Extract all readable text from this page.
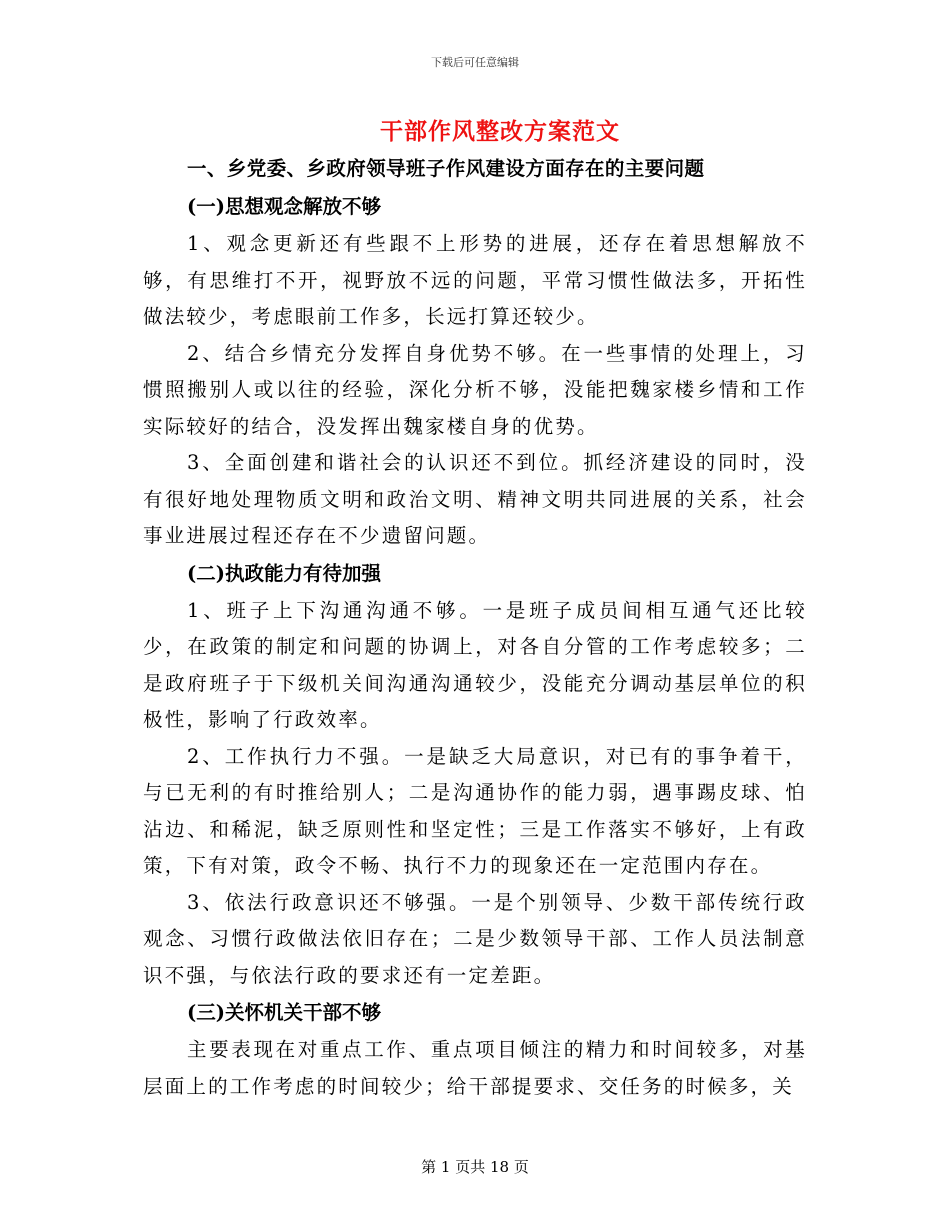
下载后可任意编辑
干部作风整改方案范文
一、乡党委、乡政府领导班子作风建设方面存在的主要问题
(一)思想观念解放不够

1、观念更新还有些跟不上形势的进展，还存在着思想解放不够，有思维打不开，视野放不远的问题，平常习惯性做法多，开拓性做法较少，考虑眼前工作多，长远打算还较少。

2、结合乡情充分发挥自身优势不够。在一些事情的处理上，习惯照搬别人或以往的经验，深化分析不够，没能把魏家楼乡情和工作实际较好的结合，没发挥出魏家楼自身的优势。

3、全面创建和谐社会的认识还不到位。抓经济建设的同时，没有很好地处理物质文明和政治文明、精神文明共同进展的关系，社会事业进展过程还存在不少遗留问题。

(二)执政能力有待加强

1、班子上下沟通沟通不够。一是班子成员间相互通气还比较少，在政策的制定和问题的协调上，对各自分管的工作考虑较多；二是政府班子于下级机关间沟通沟通较少，没能充分调动基层单位的积极性，影响了行政效率。

2、工作执行力不强。一是缺乏大局意识，对已有的事争着干，与已无利的有时推给别人；二是沟通协作的能力弱，遇事踢皮球、怕沾边、和稀泥，缺乏原则性和坚定性；三是工作落实不够好，上有政策，下有对策，政令不畅、执行不力的现象还在一定范围内存在。

3、依法行政意识还不够强。一是个别领导、少数干部传统行政观念、习惯行政做法依旧存在；二是少数领导干部、工作人员法制意识不强，与依法行政的要求还有一定差距。

(三)关怀机关干部不够

主要表现在对重点工作、重点项目倾注的精力和时间较多，对基层面上的工作考虑的时间较少；给干部提要求、交任务的时候多，关

第 1 页共 18 页
